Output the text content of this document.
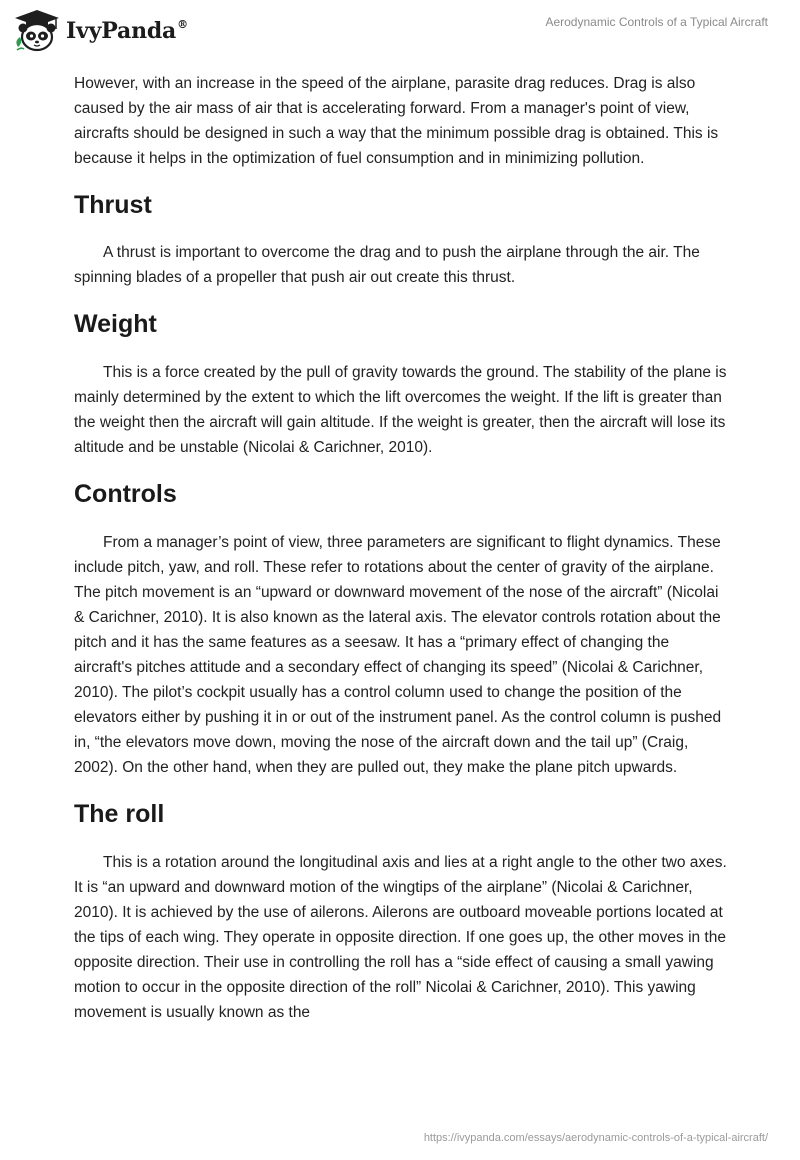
IvyPanda®	Aerodynamic Controls of a Typical Aircraft

However, with an increase in the speed of the airplane, parasite drag reduces. Drag is also caused by the air mass of air that is accelerating forward. From a manager's point of view, aircrafts should be designed in such a way that the minimum possible drag is obtained. This is because it helps in the optimization of fuel consumption and in minimizing pollution.

Thrust

A thrust is important to overcome the drag and to push the airplane through the air. The spinning blades of a propeller that push air out create this thrust.

Weight

This is a force created by the pull of gravity towards the ground. The stability of the plane is mainly determined by the extent to which the lift overcomes the weight. If the lift is greater than the weight then the aircraft will gain altitude. If the weight is greater, then the aircraft will lose its altitude and be unstable (Nicolai & Carichner, 2010).

Controls

From a manager’s point of view, three parameters are significant to flight dynamics. These include pitch, yaw, and roll. These refer to rotations about the center of gravity of the airplane. The pitch movement is an “upward or downward movement of the nose of the aircraft” (Nicolai & Carichner, 2010). It is also known as the lateral axis. The elevator controls rotation about the pitch and it has the same features as a seesaw. It has a “primary effect of changing the aircraft's pitches attitude and a secondary effect of changing its speed” (Nicolai & Carichner, 2010). The pilot’s cockpit usually has a control column used to change the position of the elevators either by pushing it in or out of the instrument panel. As the control column is pushed in, “the elevators move down, moving the nose of the aircraft down and the tail up” (Craig, 2002). On the other hand, when they are pulled out, they make the plane pitch upwards.

The roll

This is a rotation around the longitudinal axis and lies at a right angle to the other two axes. It is “an upward and downward motion of the wingtips of the airplane” (Nicolai & Carichner, 2010). It is achieved by the use of ailerons. Ailerons are outboard moveable portions located at the tips of each wing. They operate in opposite direction. If one goes up, the other moves in the opposite direction. Their use in controlling the roll has a “side effect of causing a small yawing motion to occur in the opposite direction of the roll” Nicolai & Carichner, 2010). This yawing movement is usually known as the

https://ivypanda.com/essays/aerodynamic-controls-of-a-typical-aircraft/
